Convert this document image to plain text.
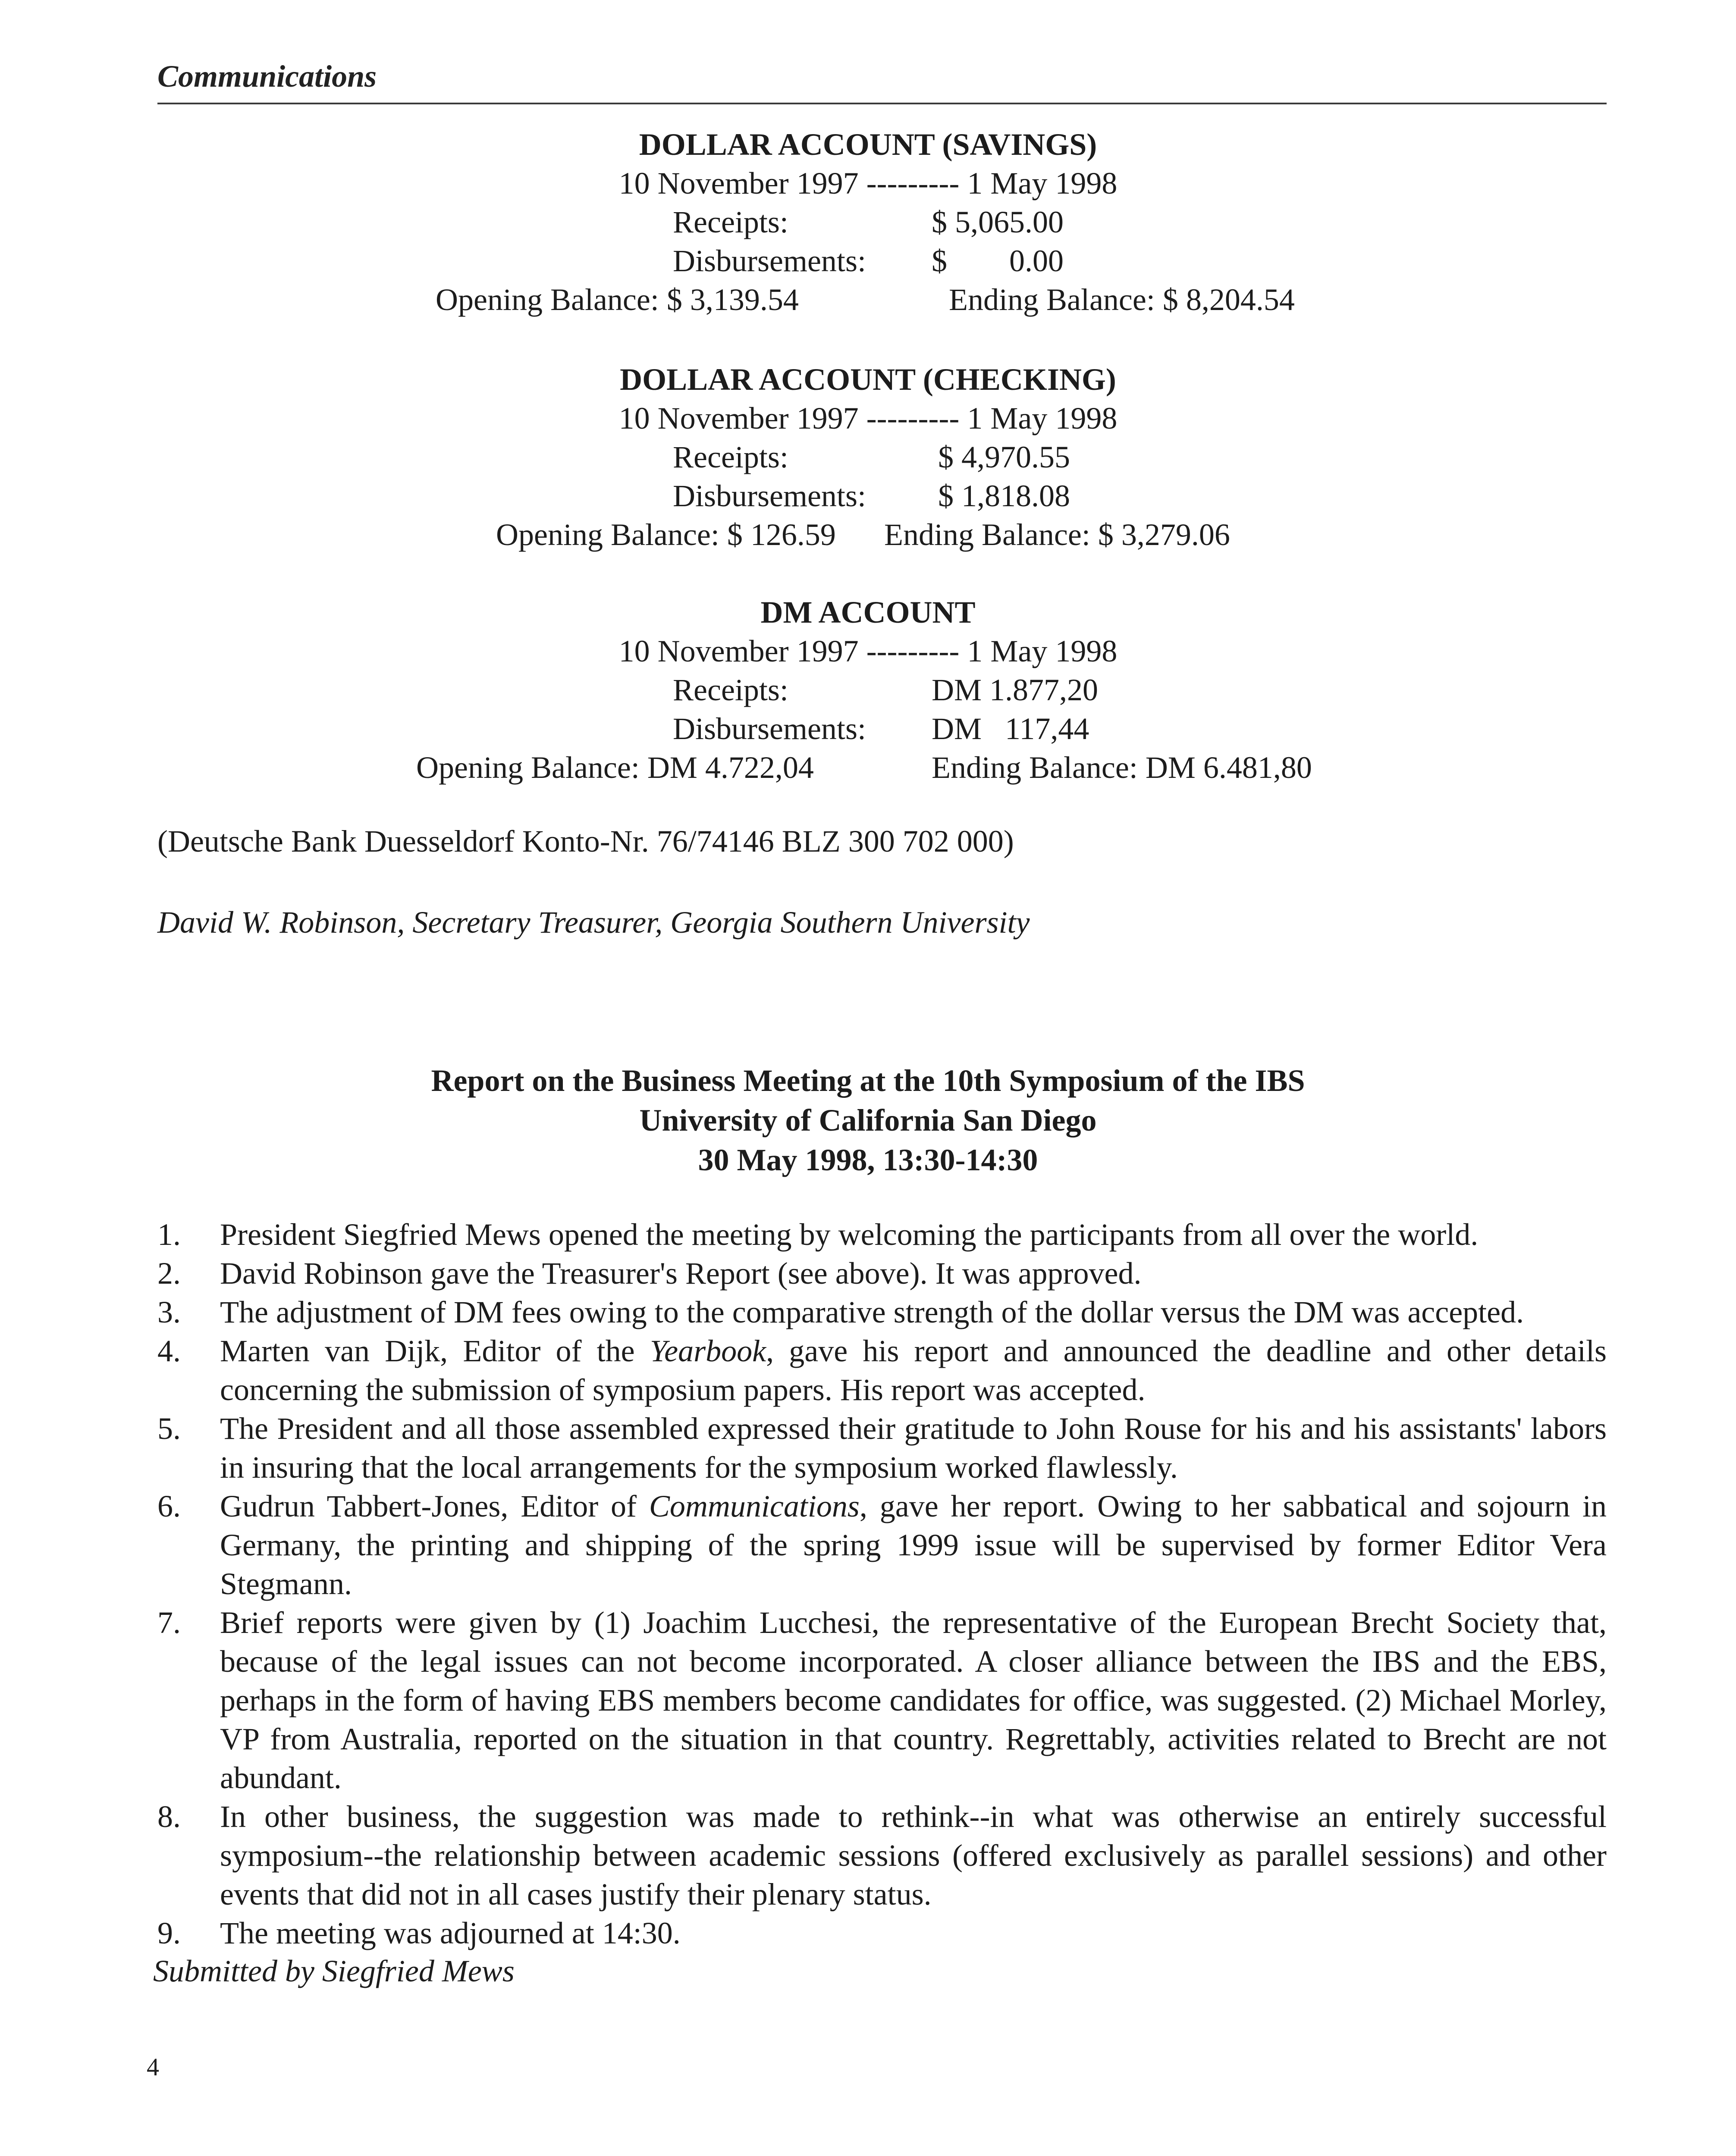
Communications
DOLLAR ACCOUNT (SAVINGS)
10 November 1997 --------- 1 May 1998
Receipts:	$ 5,065.00
Disbursements: $        0.00
Opening Balance: $ 3,139.54	Ending Balance: $ 8,204.54
DOLLAR ACCOUNT (CHECKING)
10 November 1997 --------- 1 May 1998
Receipts:	$ 4,970.55
Disbursements: $ 1,818.08
Opening Balance: $ 126.59 Ending Balance: $ 3,279.06
DM ACCOUNT
10 November 1997 --------- 1 May 1998
Receipts:	DM 1.877,20
Disbursements: DM   117,44
Opening Balance: DM 4.722,04	Ending Balance: DM 6.481,80
(Deutsche Bank Duesseldorf Konto-Nr. 76/74146 BLZ 300 702 000)
David W. Robinson, Secretary Treasurer, Georgia Southern University
Report on the Business Meeting at the 10th Symposium of the IBS
University of California San Diego
30 May 1998, 13:30-14:30
1. President Siegfried Mews opened the meeting by welcoming the participants from all over the world.
2. David Robinson gave the Treasurer's Report (see above). It was approved.
3. The adjustment of DM fees owing to the comparative strength of the dollar versus the DM was accepted.
4. Marten van Dijk, Editor of the Yearbook, gave his report and announced the deadline and other details concerning the submission of symposium papers. His report was accepted.
5. The President and all those assembled expressed their gratitude to John Rouse for his and his assistants' labors in insuring that the local arrangements for the symposium worked flawlessly.
6. Gudrun Tabbert-Jones, Editor of Communications, gave her report. Owing to her sabbatical and sojourn in Germany, the printing and shipping of the spring 1999 issue will be supervised by former Editor Vera Stegmann.
7. Brief reports were given by (1) Joachim Lucchesi, the representative of the European Brecht Society that, because of the legal issues can not become incorporated. A closer alliance between the IBS and the EBS, perhaps in the form of having EBS members become candidates for office, was suggested. (2) Michael Morley, VP from Australia, reported on the situation in that country. Regrettably, activities related to Brecht are not abundant.
8. In other business, the suggestion was made to rethink--in what was otherwise an entirely successful symposium--the relationship between academic sessions (offered exclusively as parallel sessions) and other events that did not in all cases justify their plenary status.
9. The meeting was adjourned at 14:30.
Submitted by Siegfried Mews
4
